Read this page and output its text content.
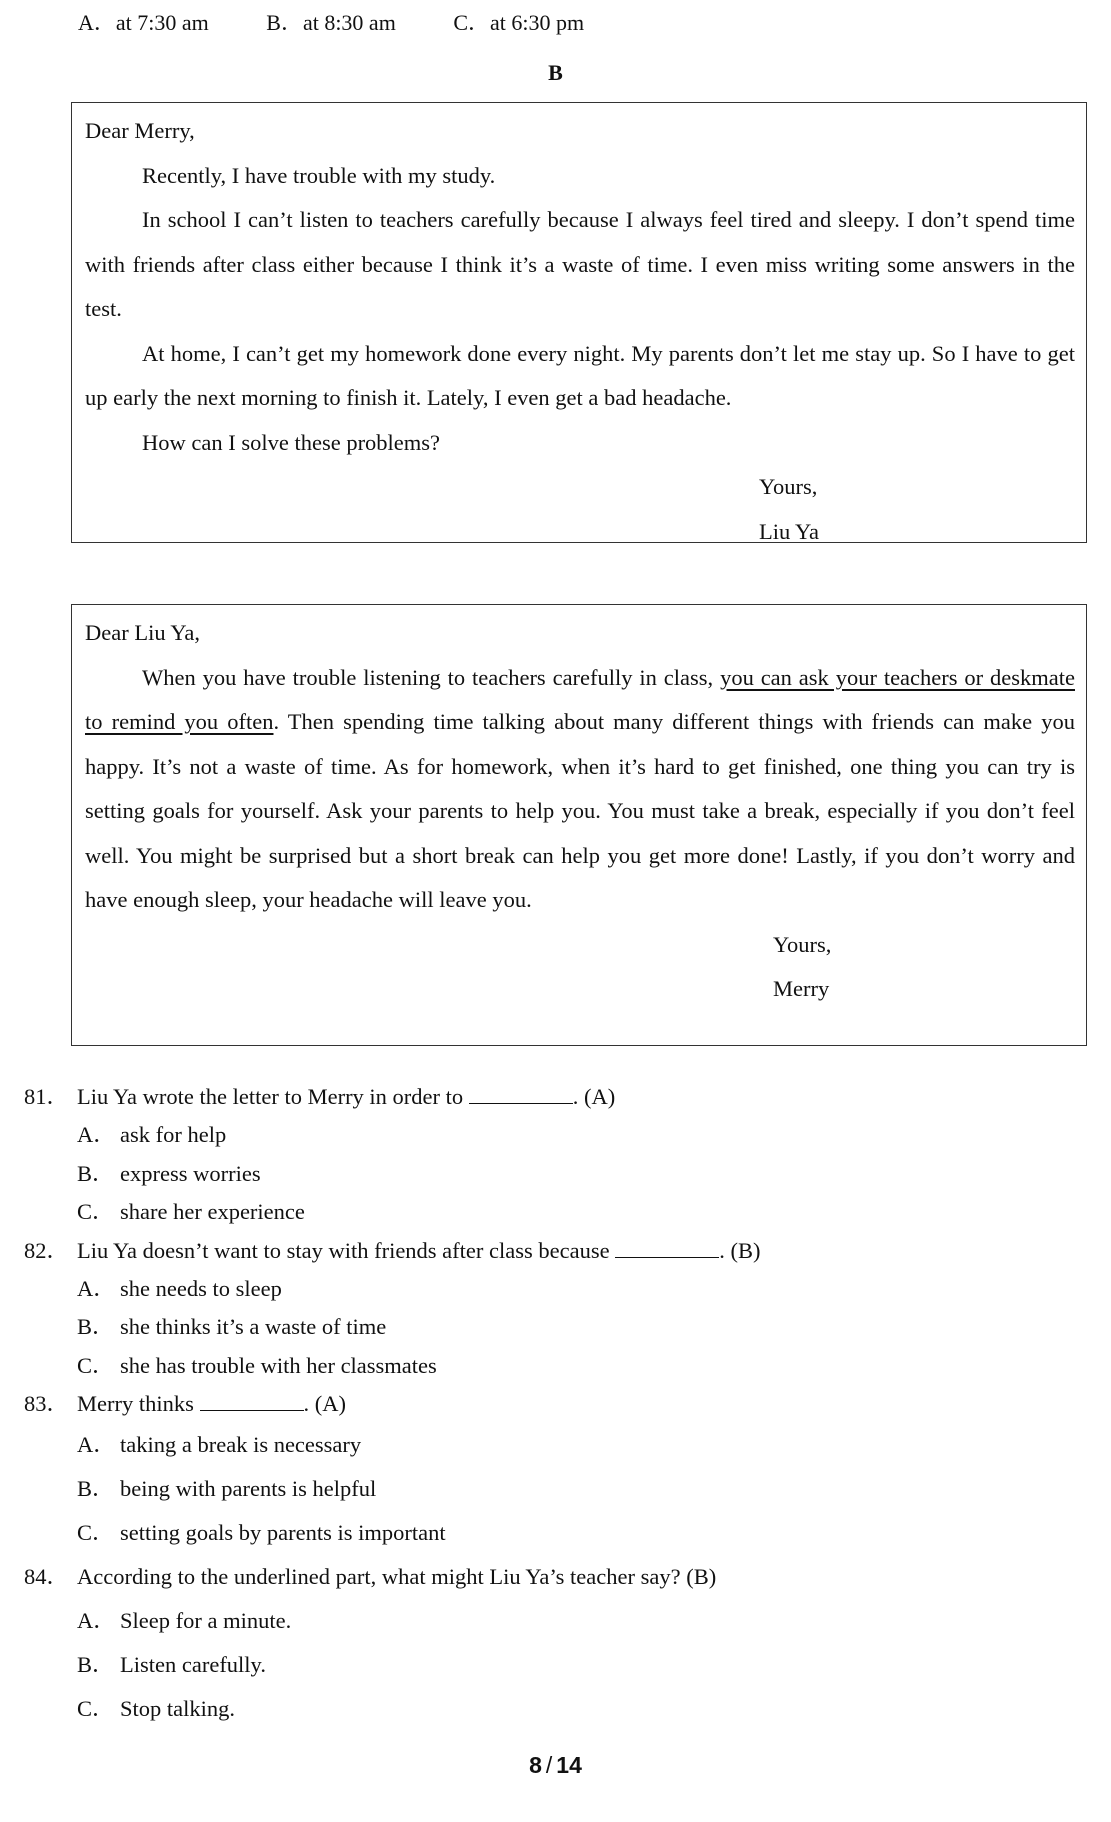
A．at 7:30 am	B．at 8:30 am	C．at 6:30 pm
B

Dear Merry,

Recently, I have trouble with my study.

In school I can’t listen to teachers carefully because I always feel tired and sleepy. I don’t spend time with friends after class either because I think it’s a waste of time. I even miss writing some answers in the test.

At home, I can’t get my homework done every night. My parents don’t let me stay up. So I have to get up early the next morning to finish it. Lately, I even get a bad headache.

How can I solve these problems?

Yours,

Liu Ya

Dear Liu Ya,

When you have trouble listening to teachers carefully in class, you can ask your teachers or deskmate to remind you often. Then spending time talking about many different things with friends can make you happy. It’s not a waste of time. As for homework, when it’s hard to get finished, one thing you can try is setting goals for yourself. Ask your parents to help you. You must take a break, especially if you don’t feel well. You might be surprised but a short break can help you get more done! Lastly, if you don’t worry and have enough sleep, your headache will leave you.

Yours,

Merry

81． Liu Ya wrote the letter to Merry in order to	. (A)
A． ask for help
B． express worries
C． share her experience
82． Liu Ya doesn’t want to stay with friends after class because	. (B)
A． she needs to sleep
B． she thinks it’s a waste of time
C． she has trouble with her classmates
83． Merry thinks	. (A)
A． taking a break is necessary
B． being with parents is helpful
C． setting goals by parents is important
84． According to the underlined part, what might Liu Ya’s teacher say? (B)
A． Sleep for a minute.
B． Listen carefully.
C． Stop talking.
8 / 14
